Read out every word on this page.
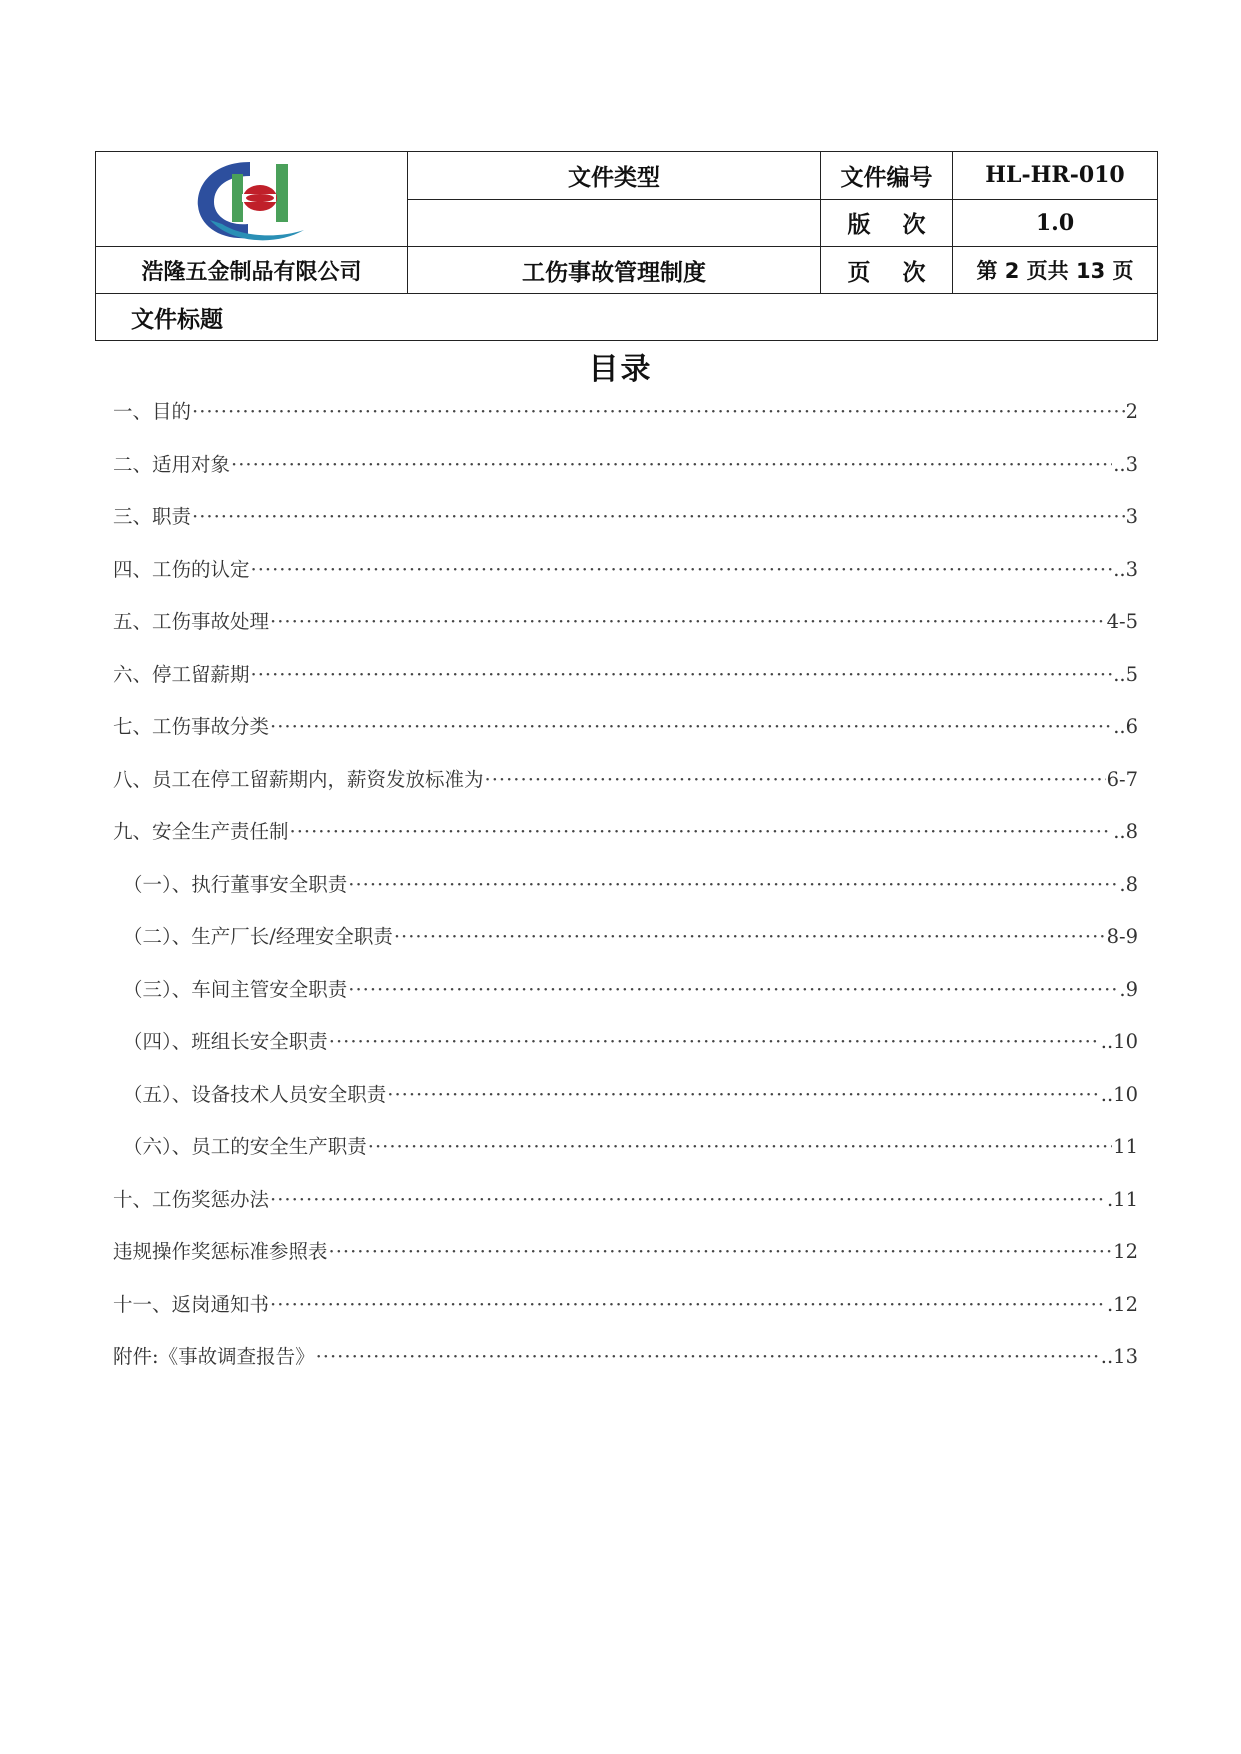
	文件类型	文件编号	HL-HR-010
		版 次	1.0
浩隆五金制品有限公司	工伤事故管理制度	页 次	第 2 页共 13 页
文件标题			
目录
一、目的 ·····	2
二、适用对象 ·····	..3
三、职责 ·····	3
四、工伤的认定 ·····	..3
五、工伤事故处理 ·····	4-5
六、停工留薪期 ·····	..5
七、工伤事故分类 ·····	..6
八、员工在停工留薪期内，薪资发放标准为 ·····	6-7
九、安全生产责任制 ·····	..8
（一）、执行董事安全职责 ·····	.8
（二）、生产厂长/经理安全职责 ·····	8-9
（三）、车间主管安全职责 ·····	.9
（四）、班组长安全职责 ·····	..10
（五）、设备技术人员安全职责 ·····	..10
（六）、员工的安全生产职责 ·····	11
十、工伤奖惩办法 ·····	.11
违规操作奖惩标准参照表 ·····	12
十一、返岗通知书 ·····	.12
附件:《事故调查报告》 ·····	..13
